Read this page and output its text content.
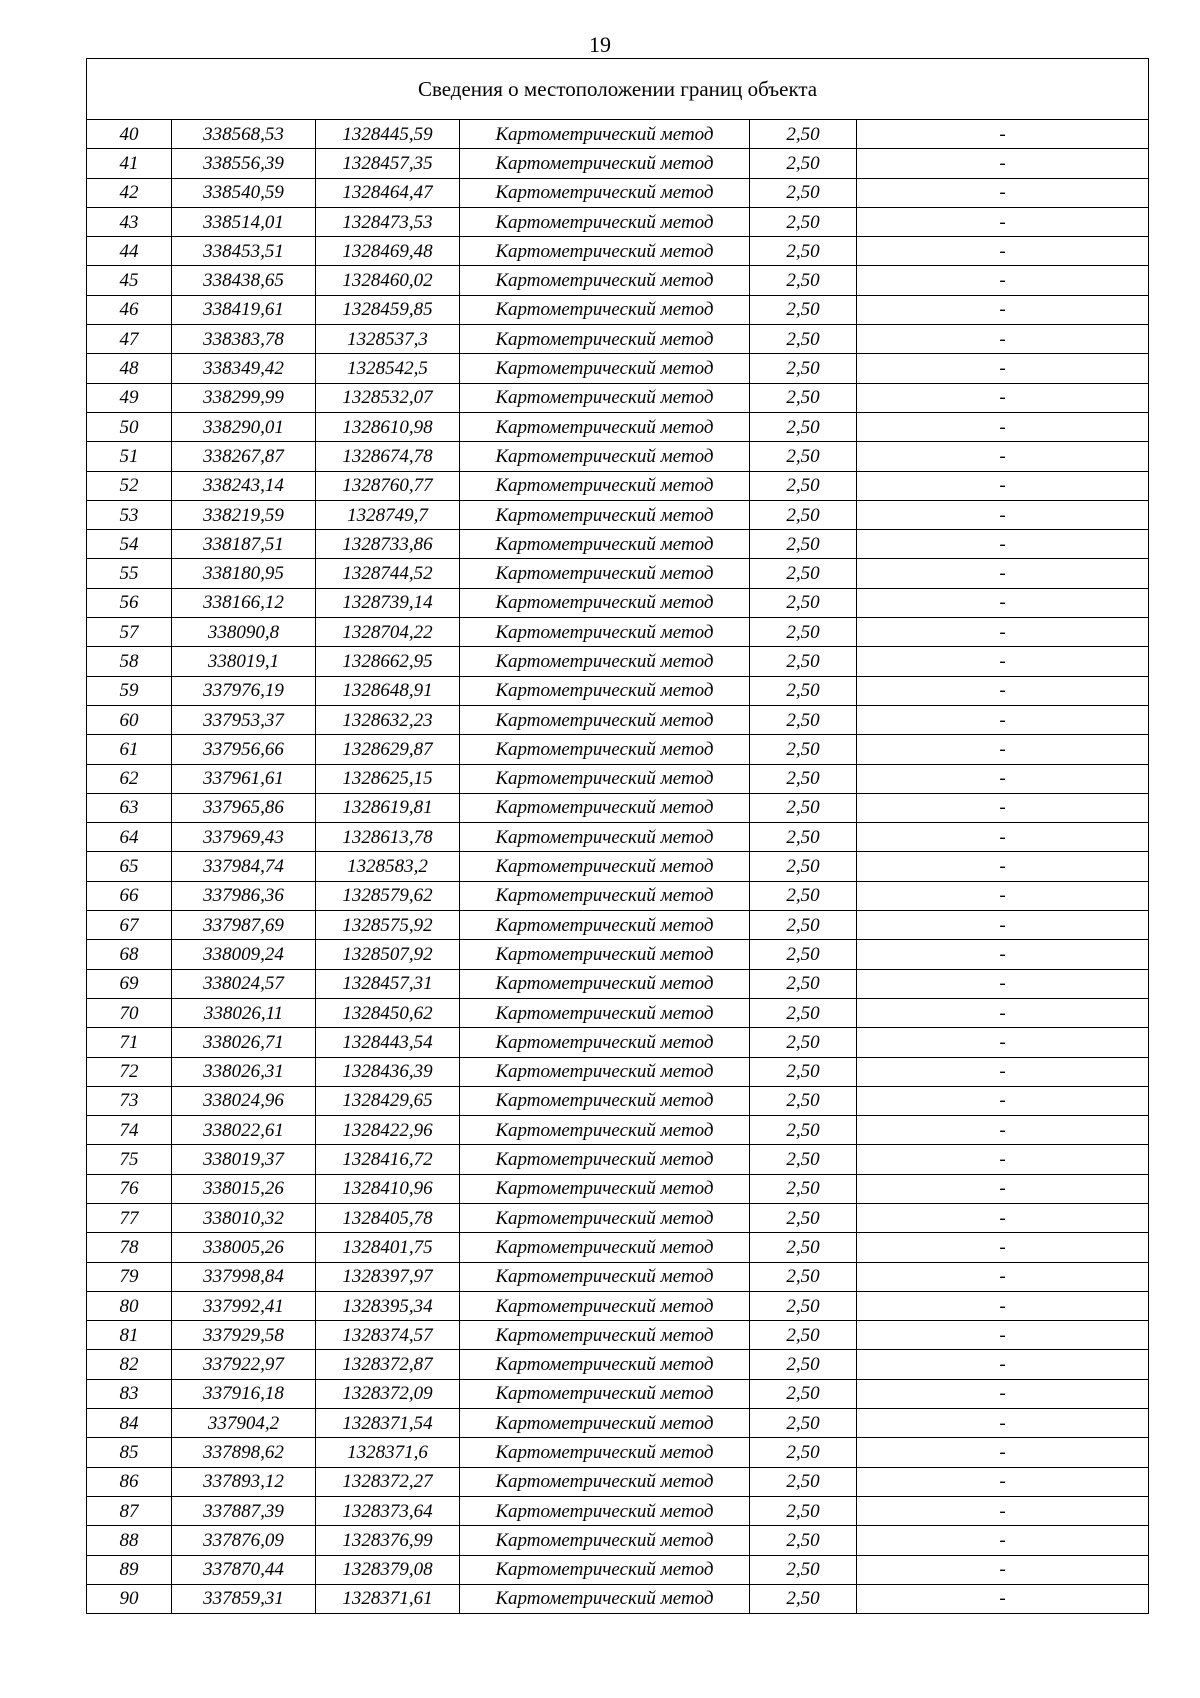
19
Сведения о местоположении границ объекта					
40	338568,53	1328445,59	Картометрический метод	2,50	-
41	338556,39	1328457,35	Картометрический метод	2,50	-
42	338540,59	1328464,47	Картометрический метод	2,50	-
43	338514,01	1328473,53	Картометрический метод	2,50	-
44	338453,51	1328469,48	Картометрический метод	2,50	-
45	338438,65	1328460,02	Картометрический метод	2,50	-
46	338419,61	1328459,85	Картометрический метод	2,50	-
47	338383,78	1328537,3	Картометрический метод	2,50	-
48	338349,42	1328542,5	Картометрический метод	2,50	-
49	338299,99	1328532,07	Картометрический метод	2,50	-
50	338290,01	1328610,98	Картометрический метод	2,50	-
51	338267,87	1328674,78	Картометрический метод	2,50	-
52	338243,14	1328760,77	Картометрический метод	2,50	-
53	338219,59	1328749,7	Картометрический метод	2,50	-
54	338187,51	1328733,86	Картометрический метод	2,50	-
55	338180,95	1328744,52	Картометрический метод	2,50	-
56	338166,12	1328739,14	Картометрический метод	2,50	-
57	338090,8	1328704,22	Картометрический метод	2,50	-
58	338019,1	1328662,95	Картометрический метод	2,50	-
59	337976,19	1328648,91	Картометрический метод	2,50	-
60	337953,37	1328632,23	Картометрический метод	2,50	-
61	337956,66	1328629,87	Картометрический метод	2,50	-
62	337961,61	1328625,15	Картометрический метод	2,50	-
63	337965,86	1328619,81	Картометрический метод	2,50	-
64	337969,43	1328613,78	Картометрический метод	2,50	-
65	337984,74	1328583,2	Картометрический метод	2,50	-
66	337986,36	1328579,62	Картометрический метод	2,50	-
67	337987,69	1328575,92	Картометрический метод	2,50	-
68	338009,24	1328507,92	Картометрический метод	2,50	-
69	338024,57	1328457,31	Картометрический метод	2,50	-
70	338026,11	1328450,62	Картометрический метод	2,50	-
71	338026,71	1328443,54	Картометрический метод	2,50	-
72	338026,31	1328436,39	Картометрический метод	2,50	-
73	338024,96	1328429,65	Картометрический метод	2,50	-
74	338022,61	1328422,96	Картометрический метод	2,50	-
75	338019,37	1328416,72	Картометрический метод	2,50	-
76	338015,26	1328410,96	Картометрический метод	2,50	-
77	338010,32	1328405,78	Картометрический метод	2,50	-
78	338005,26	1328401,75	Картометрический метод	2,50	-
79	337998,84	1328397,97	Картометрический метод	2,50	-
80	337992,41	1328395,34	Картометрический метод	2,50	-
81	337929,58	1328374,57	Картометрический метод	2,50	-
82	337922,97	1328372,87	Картометрический метод	2,50	-
83	337916,18	1328372,09	Картометрический метод	2,50	-
84	337904,2	1328371,54	Картометрический метод	2,50	-
85	337898,62	1328371,6	Картометрический метод	2,50	-
86	337893,12	1328372,27	Картометрический метод	2,50	-
87	337887,39	1328373,64	Картометрический метод	2,50	-
88	337876,09	1328376,99	Картометрический метод	2,50	-
89	337870,44	1328379,08	Картометрический метод	2,50	-
90	337859,31	1328371,61	Картометрический метод	2,50	-
